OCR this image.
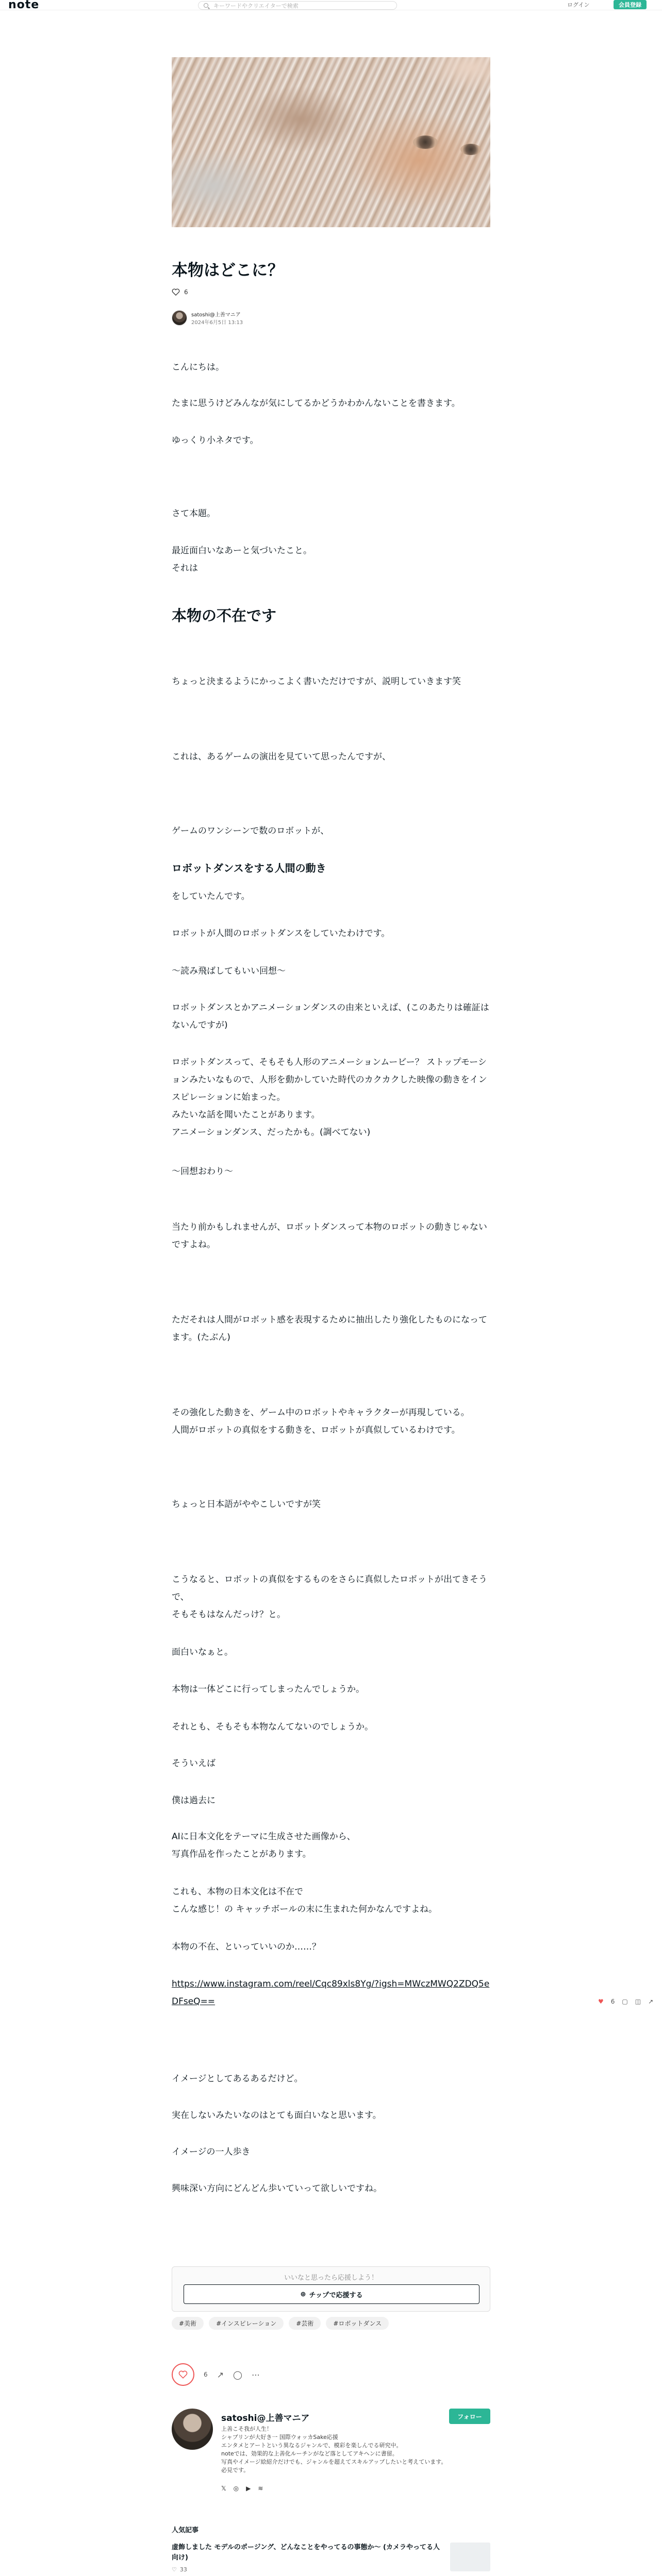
note	キーワードやクリエイターで検索	ログイン	会員登録
本物はどこに？
6
satoshi@上善マニア
2024年6月5日 13:13
こんにちは。
たまに思うけどみんなが気にしてるかどうかわかんないことを書きます。
ゆっくり小ネタです。
さて本題。
最近面白いなあーと気づいたこと。
それは
本物の不在です
ちょっと決まるようにかっこよく書いただけですが、説明していきます笑
これは、あるゲームの演出を見ていて思ったんですが、
ゲームのワンシーンで数のロボットが、
ロボットダンスをする人間の動き
をしていたんです。
ロボットが人間のロボットダンスをしていたわけです。
〜読み飛ばしてもいい回想〜
ロボットダンスとかアニメーションダンスの由来といえば、(このあたりは確証はないんですが)
ロボットダンスって、そもそも人形のアニメーションムービー？ ストップモーションみたいなもので、人形を動かしていた時代のカクカクした映像の動きをインスピレーションに始まった。
みたいな話を聞いたことがあります。
アニメーションダンス、だったかも。(調べてない)
〜回想おわり〜
当たり前かもしれませんが、ロボットダンスって本物のロボットの動きじゃないですよね。
ただそれは人間がロボット感を表現するために抽出したり強化したものになってます。(たぶん)
その強化した動きを、ゲーム中のロボットやキャラクターが再現している。
人間がロボットの真似をする動きを、ロボットが真似しているわけです。
ちょっと日本語がややこしいですが笑
こうなると、ロボットの真似をするものをさらに真似したロボットが出てきそうで、
そもそもはなんだっけ？と。
面白いなぁと。
本物は一体どこに行ってしまったんでしょうか。
それとも、そもそも本物なんてないのでしょうか。
そういえば
僕は過去に
AIに日本文化をテーマに生成させた画像から、
写真作品を作ったことがあります。
これも、本物の日本文化は不在で
こんな感じ！の キャッチボールの末に生まれた何かなんですよね。
本物の不在、といっていいのか……？
https://www.instagram.com/reel/Cqc89xls8Yg/?igsh=MWczMWQ2ZDQ5eDFseQ==
イメージとしてあるあるだけど。
実在しないみたいなのはとても面白いなと思います。
イメージの一人歩き
興味深い方向にどんどん歩いていって欲しいですね。
♥ 6 ▢ ◫ ↗
いいなと思ったら応援しよう！
⊕ チップで応援する
#美術	#インスピレーション	#芸術	#ロボットダンス
6 ↗ ◯ ⋯
satoshi@上善マニア
上善こそ我が人生！
シャブリンが大好き一 国際ウォッカSake応援
エンタメとアートという異なるジャンルで、模彩を楽しんでる研究中。
noteでは、効果的な上善化ルーチンがなど落としてアキヘンに書留。
写真やイメージ絵紹介だけでも、ジャンルを超えてスキルアップしたいと考えています。必見です。
フォロー
𝕏 ◎ ▶ ≋
人気記事
虚飾しました モデルのポージング、どんなことをやってるの事態か～ (カメラやってる人向け)
♡ 33
